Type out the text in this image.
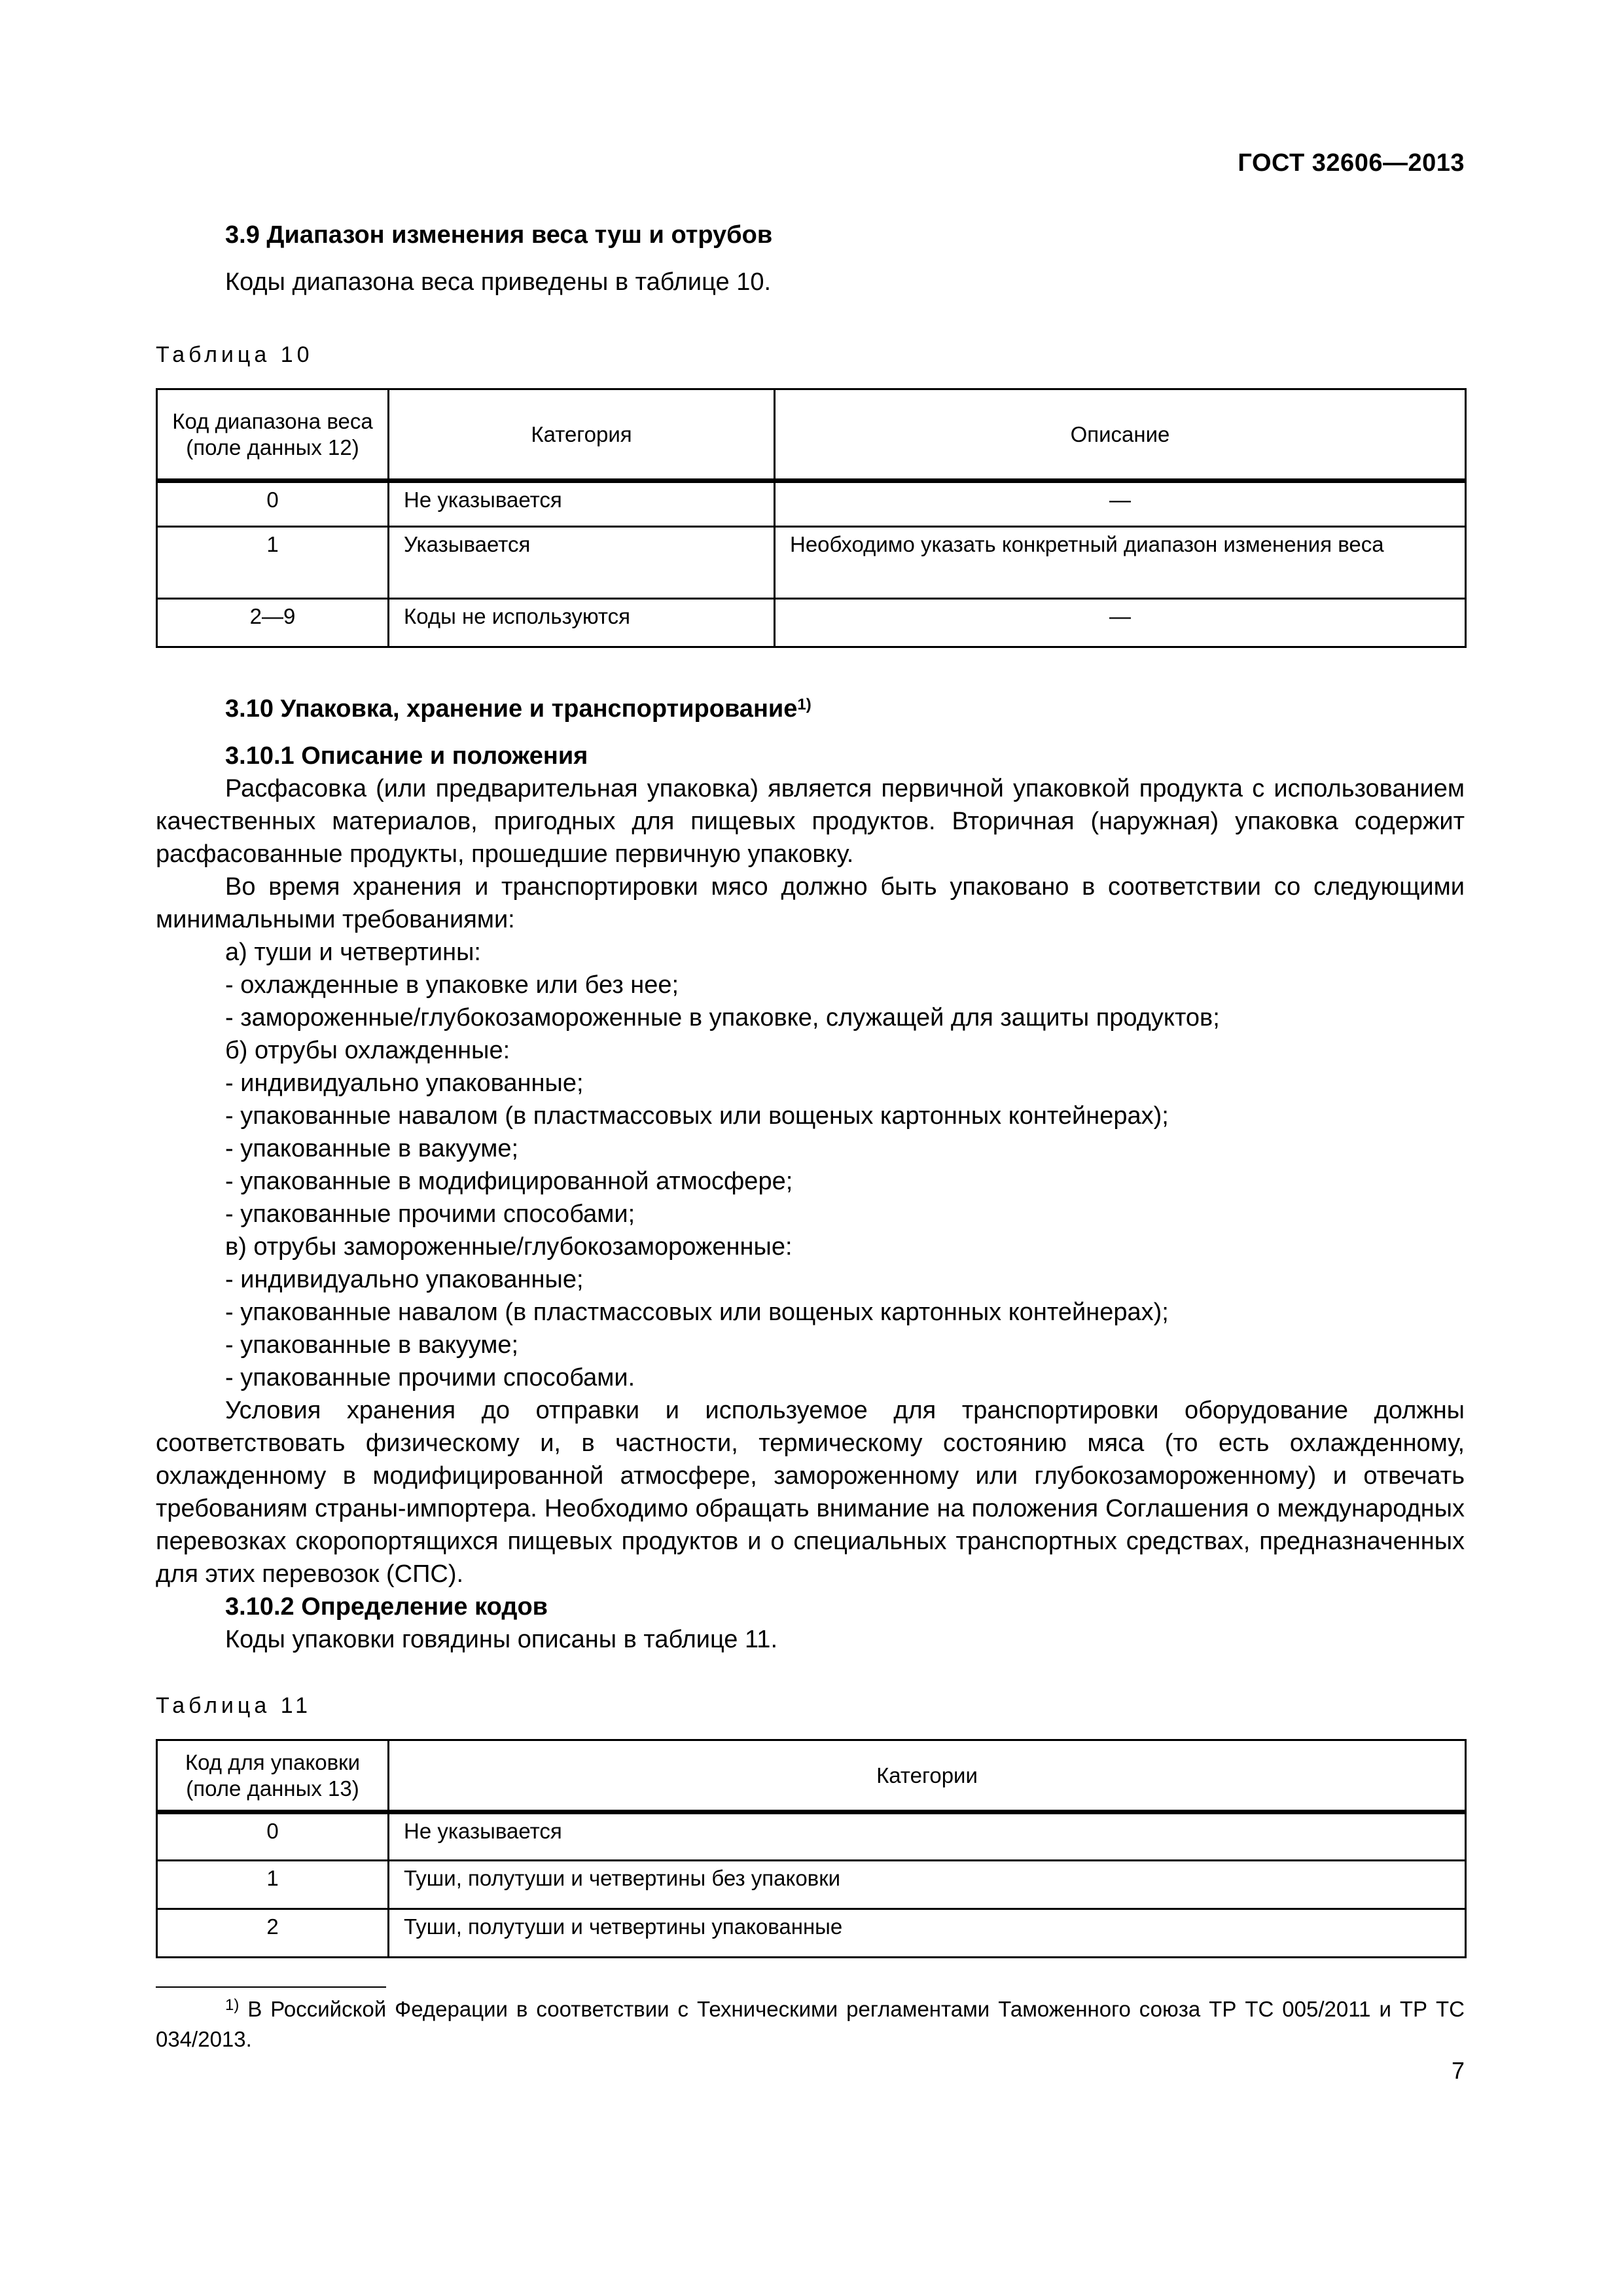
ГОСТ 32606—2013

3.9 Диапазон изменения веса туш и отрубов

Коды диапазона веса приведены в таблице 10.

Таблица 10

Код диапазона веса (поле данных 12)	Категория	Описание
0	Не указывается	—
1	Указывается	Необходимо указать конкретный диапазон изменения веса
2—9	Коды не используются	—

3.10 Упаковка, хранение и транспортирование$^{1)}$

3.10.1 Описание и положения

Расфасовка (или предварительная упаковка) является первичной упаковкой продукта с использованием качественных материалов, пригодных для пищевых продуктов. Вторичная (наружная) упаковка содержит расфасованные продукты, прошедшие первичную упаковку.

Во время хранения и транспортировки мясо должно быть упаковано в соответствии со следующими минимальными требованиями:

а) туши и четвертины:

- охлажденные в упаковке или без нее;

- замороженные/глубокозамороженные в упаковке, служащей для защиты продуктов;

б) отрубы охлажденные:

- индивидуально упакованные;

- упакованные навалом (в пластмассовых или вощеных картонных контейнерах);

- упакованные в вакууме;

- упакованные в модифицированной атмосфере;

- упакованные прочими способами;

в) отрубы замороженные/глубокозамороженные:

- индивидуально упакованные;

- упакованные навалом (в пластмассовых или вощеных картонных контейнерах);

- упакованные в вакууме;

- упакованные прочими способами.

Условия хранения до отправки и используемое для транспортировки оборудование должны соответствовать физическому и, в частности, термическому состоянию мяса (то есть охлажденному, охлажденному в модифицированной атмосфере, замороженному или глубокозамороженному) и отвечать требованиям страны-импортера. Необходимо обращать внимание на положения Соглашения о международных перевозках скоропортящихся пищевых продуктов и о специальных транспортных средствах, предназначенных для этих перевозок (СПС).

3.10.2 Определение кодов

Коды упаковки говядины описаны в таблице 11.

Таблица 11

Код для упаковки (поле данных 13)	Категории
0	Не указывается
1	Туши, полутуши и четвертины без упаковки
2	Туши, полутуши и четвертины упакованные

$^{1)}$ В Российской Федерации в соответствии с Техническими регламентами Таможенного союза ТР ТС 005/2011 и ТР ТС 034/2013.

7
